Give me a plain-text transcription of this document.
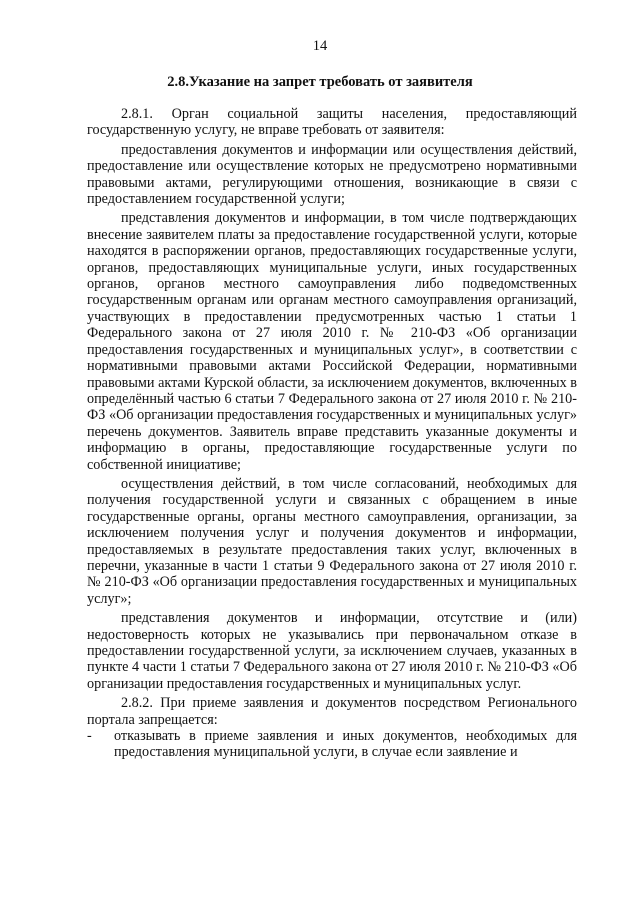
14
2.8.Указание на запрет требовать от заявителя

2.8.1. Орган социальной защиты населения, предоставляющий государственную услугу, не вправе требовать от заявителя:

предоставления документов и информации или осуществления действий, предоставление или осуществление которых не предусмотрено нормативными правовыми актами, регулирующими отношения, возникающие в связи с предоставлением государственной услуги;

представления документов и информации, в том числе подтверждающих внесение заявителем платы за предоставление государственной услуги, которые находятся в распоряжении органов, предоставляющих государственные услуги, органов, предоставляющих муниципальные услуги, иных государственных органов, органов местного самоуправления либо подведомственных государственным органам или органам местного самоуправления организаций, участвующих в предоставлении предусмотренных частью 1 статьи 1 Федерального закона от 27 июля 2010 г. № 210-ФЗ «Об организации предоставления государственных и муниципальных услуг», в соответствии с нормативными правовыми актами Российской Федерации, нормативными правовыми актами Курской области, за исключением документов, включенных в определённый частью 6 статьи 7 Федерального закона от 27 июля 2010 г. № 210-ФЗ «Об организации предоставления государственных и муниципальных услуг» перечень документов. Заявитель вправе представить указанные документы и информацию в органы, предоставляющие государственные услуги по собственной инициативе;

осуществления действий, в том числе согласований, необходимых для получения государственной услуги и связанных с обращением в иные государственные органы, органы местного самоуправления, организации, за исключением получения услуг и получения документов и информации, предоставляемых в результате предоставления таких услуг, включенных в перечни, указанные в части 1 статьи 9 Федерального закона от 27 июля 2010 г. № 210-ФЗ «Об организации предоставления государственных и муниципальных услуг»;

представления документов и информации, отсутствие и (или) недостоверность которых не указывались при первоначальном отказе в предоставлении государственной услуги, за исключением случаев, указанных в пункте 4 части 1 статьи 7 Федерального закона от 27 июля 2010 г. № 210-ФЗ «Об организации предоставления государственных и муниципальных услуг.

2.8.2. При приеме заявления и документов посредством Регионального портала запрещается:

- отказывать в приеме заявления и иных документов, необходимых для предоставления муниципальной услуги, в случае если заявление и
